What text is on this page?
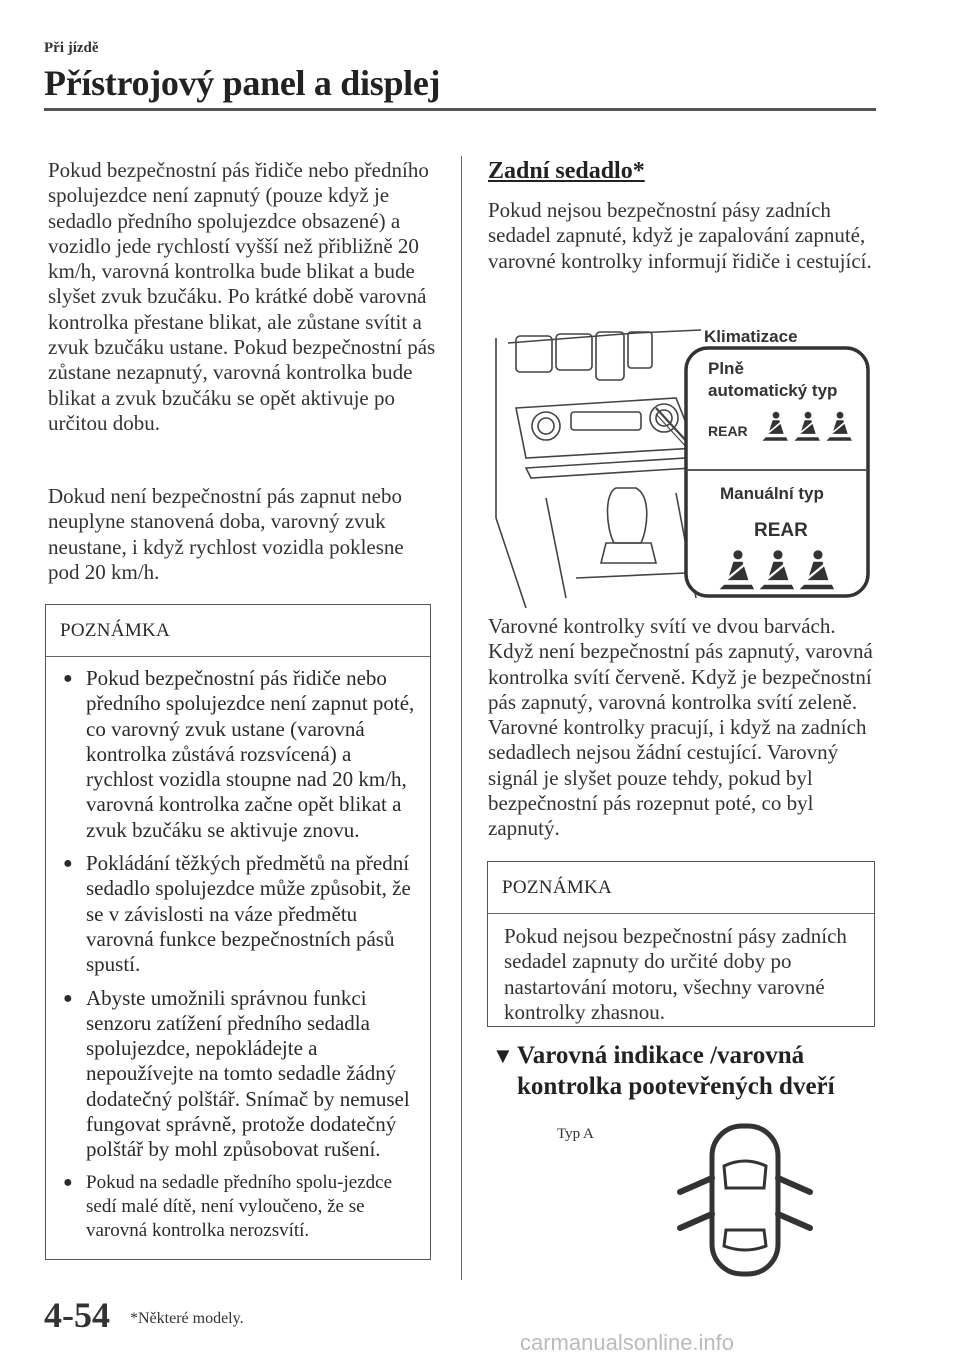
Při jízdě
Přístrojový panel a displej

Pokud bezpečnostní pás řidiče nebo předního spolujezdce není zapnutý (pouze když je sedadlo předního spolujezdce obsazené) a vozidlo jede rychlostí vyšší než přibližně 20 km/h, varovná kontrolka bude blikat a bude slyšet zvuk bzučáku. Po krátké době varovná kontrolka přestane blikat, ale zůstane svítit a zvuk bzučáku ustane. Pokud bezpečnostní pás zůstane nezapnutý, varovná kontrolka bude blikat a zvuk bzučáku se opět aktivuje po určitou dobu.

Dokud není bezpečnostní pás zapnut nebo neuplyne stanovená doba, varovný zvuk neustane, i když rychlost vozidla poklesne pod 20 km/h.

POZNÁMKA
● Pokud bezpečnostní pás řidiče nebo předního spolujezdce není zapnut poté, co varovný zvuk ustane (varovná kontrolka zůstává rozsvícená) a rychlost vozidla stoupne nad 20 km/h, varovná kontrolka začne opět blikat a zvuk bzučáku se aktivuje znovu.
● Pokládání těžkých předmětů na přední sedadlo spolujezdce může způsobit, že se v závislosti na váze předmětu varovná funkce bezpečnostních pásů spustí.
● Abyste umožnili správnou funkci senzoru zatížení předního sedadla spolujezdce, nepokládejte a nepoužívejte na tomto sedadle žádný dodatečný polštář. Snímač by nemusel fungovat správně, protože dodatečný polštář by mohl způsobovat rušení.
● Pokud na sedadle předního spolu-jezdce sedí malé dítě, není vyloučeno, že se varovná kontrolka nerozsvítí.
Zadní sedadlo*

Pokud nejsou bezpečnostní pásy zadních sedadel zapnuté, když je zapalování zapnuté, varovné kontrolky informují řidiče i cestující.

Klimatizace
Plně
automatický typ
REAR
Manuální typ
REAR

Varovné kontrolky svítí ve dvou barvách. Když není bezpečnostní pás zapnutý, varovná kontrolka svítí červeně. Když je bezpečnostní pás zapnutý, varovná kontrolka svítí zeleně. Varovné kontrolky pracují, i když na zadních sedadlech nejsou žádní cestující. Varovný signál je slyšet pouze tehdy, pokud byl bezpečnostní pás rozepnut poté, co byl zapnutý.

POZNÁMKA

Pokud nejsou bezpečnostní pásy zadních sedadel zapnuty do určité doby po nastartování motoru, všechny varovné kontrolky zhasnou.

▼ Varovná indikace /varovná kontrolka pootevřených dveří
Typ A
4-54 *Některé modely.
carmanualsonline.info
